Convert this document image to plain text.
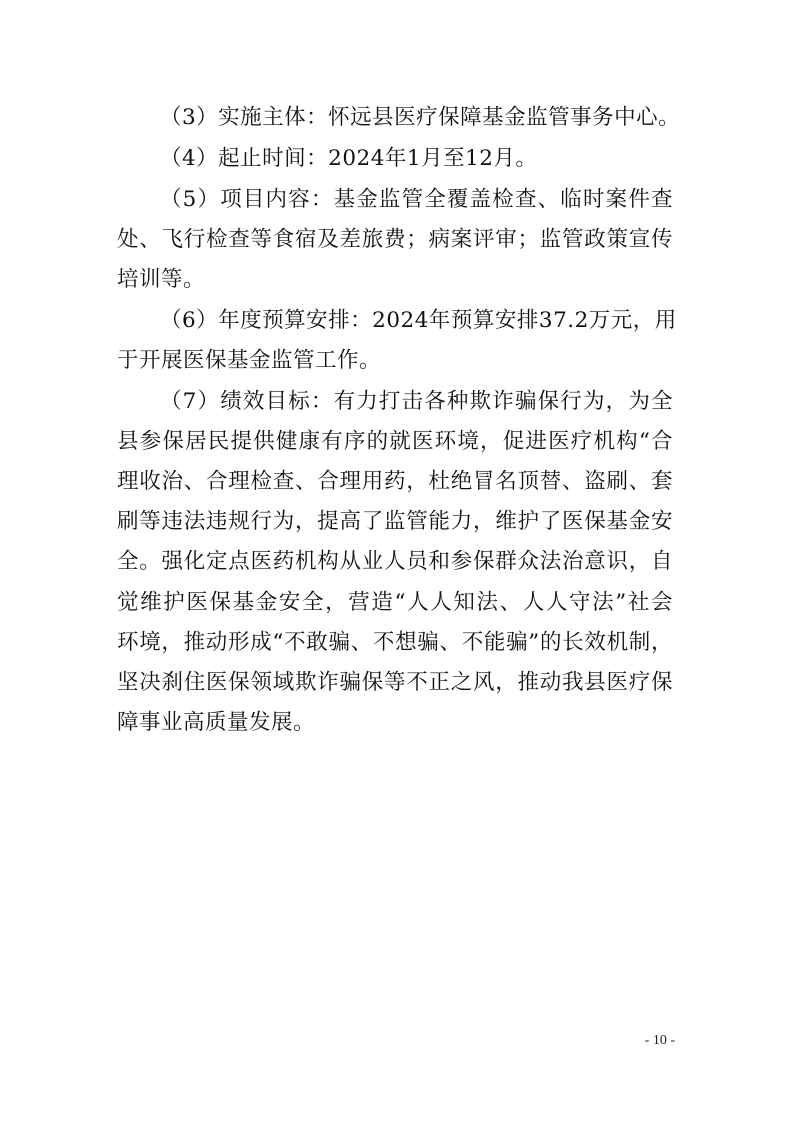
（3）实施主体：怀远县医疗保障基金监管事务中心。
（4）起止时间：2024年1月至12月。
（5）项目内容：基金监管全覆盖检查、临时案件查
处、飞行检查等食宿及差旅费；病案评审；监管政策宣传
培训等。
（6）年度预算安排：2024年预算安排37.2万元，用
于开展医保基金监管工作。
（7）绩效目标：有力打击各种欺诈骗保行为，为全
县参保居民提供健康有序的就医环境，促进医疗机构“合
理收治、合理检查、合理用药，杜绝冒名顶替、盗刷、套
刷等违法违规行为，提高了监管能力，维护了医保基金安
全。强化定点医药机构从业人员和参保群众法治意识，自
觉维护医保基金安全，营造“人人知法、人人守法”社会
环境，推动形成“不敢骗、不想骗、不能骗”的长效机制，
坚决刹住医保领域欺诈骗保等不正之风，推动我县医疗保
障事业高质量发展。
- 10 -
